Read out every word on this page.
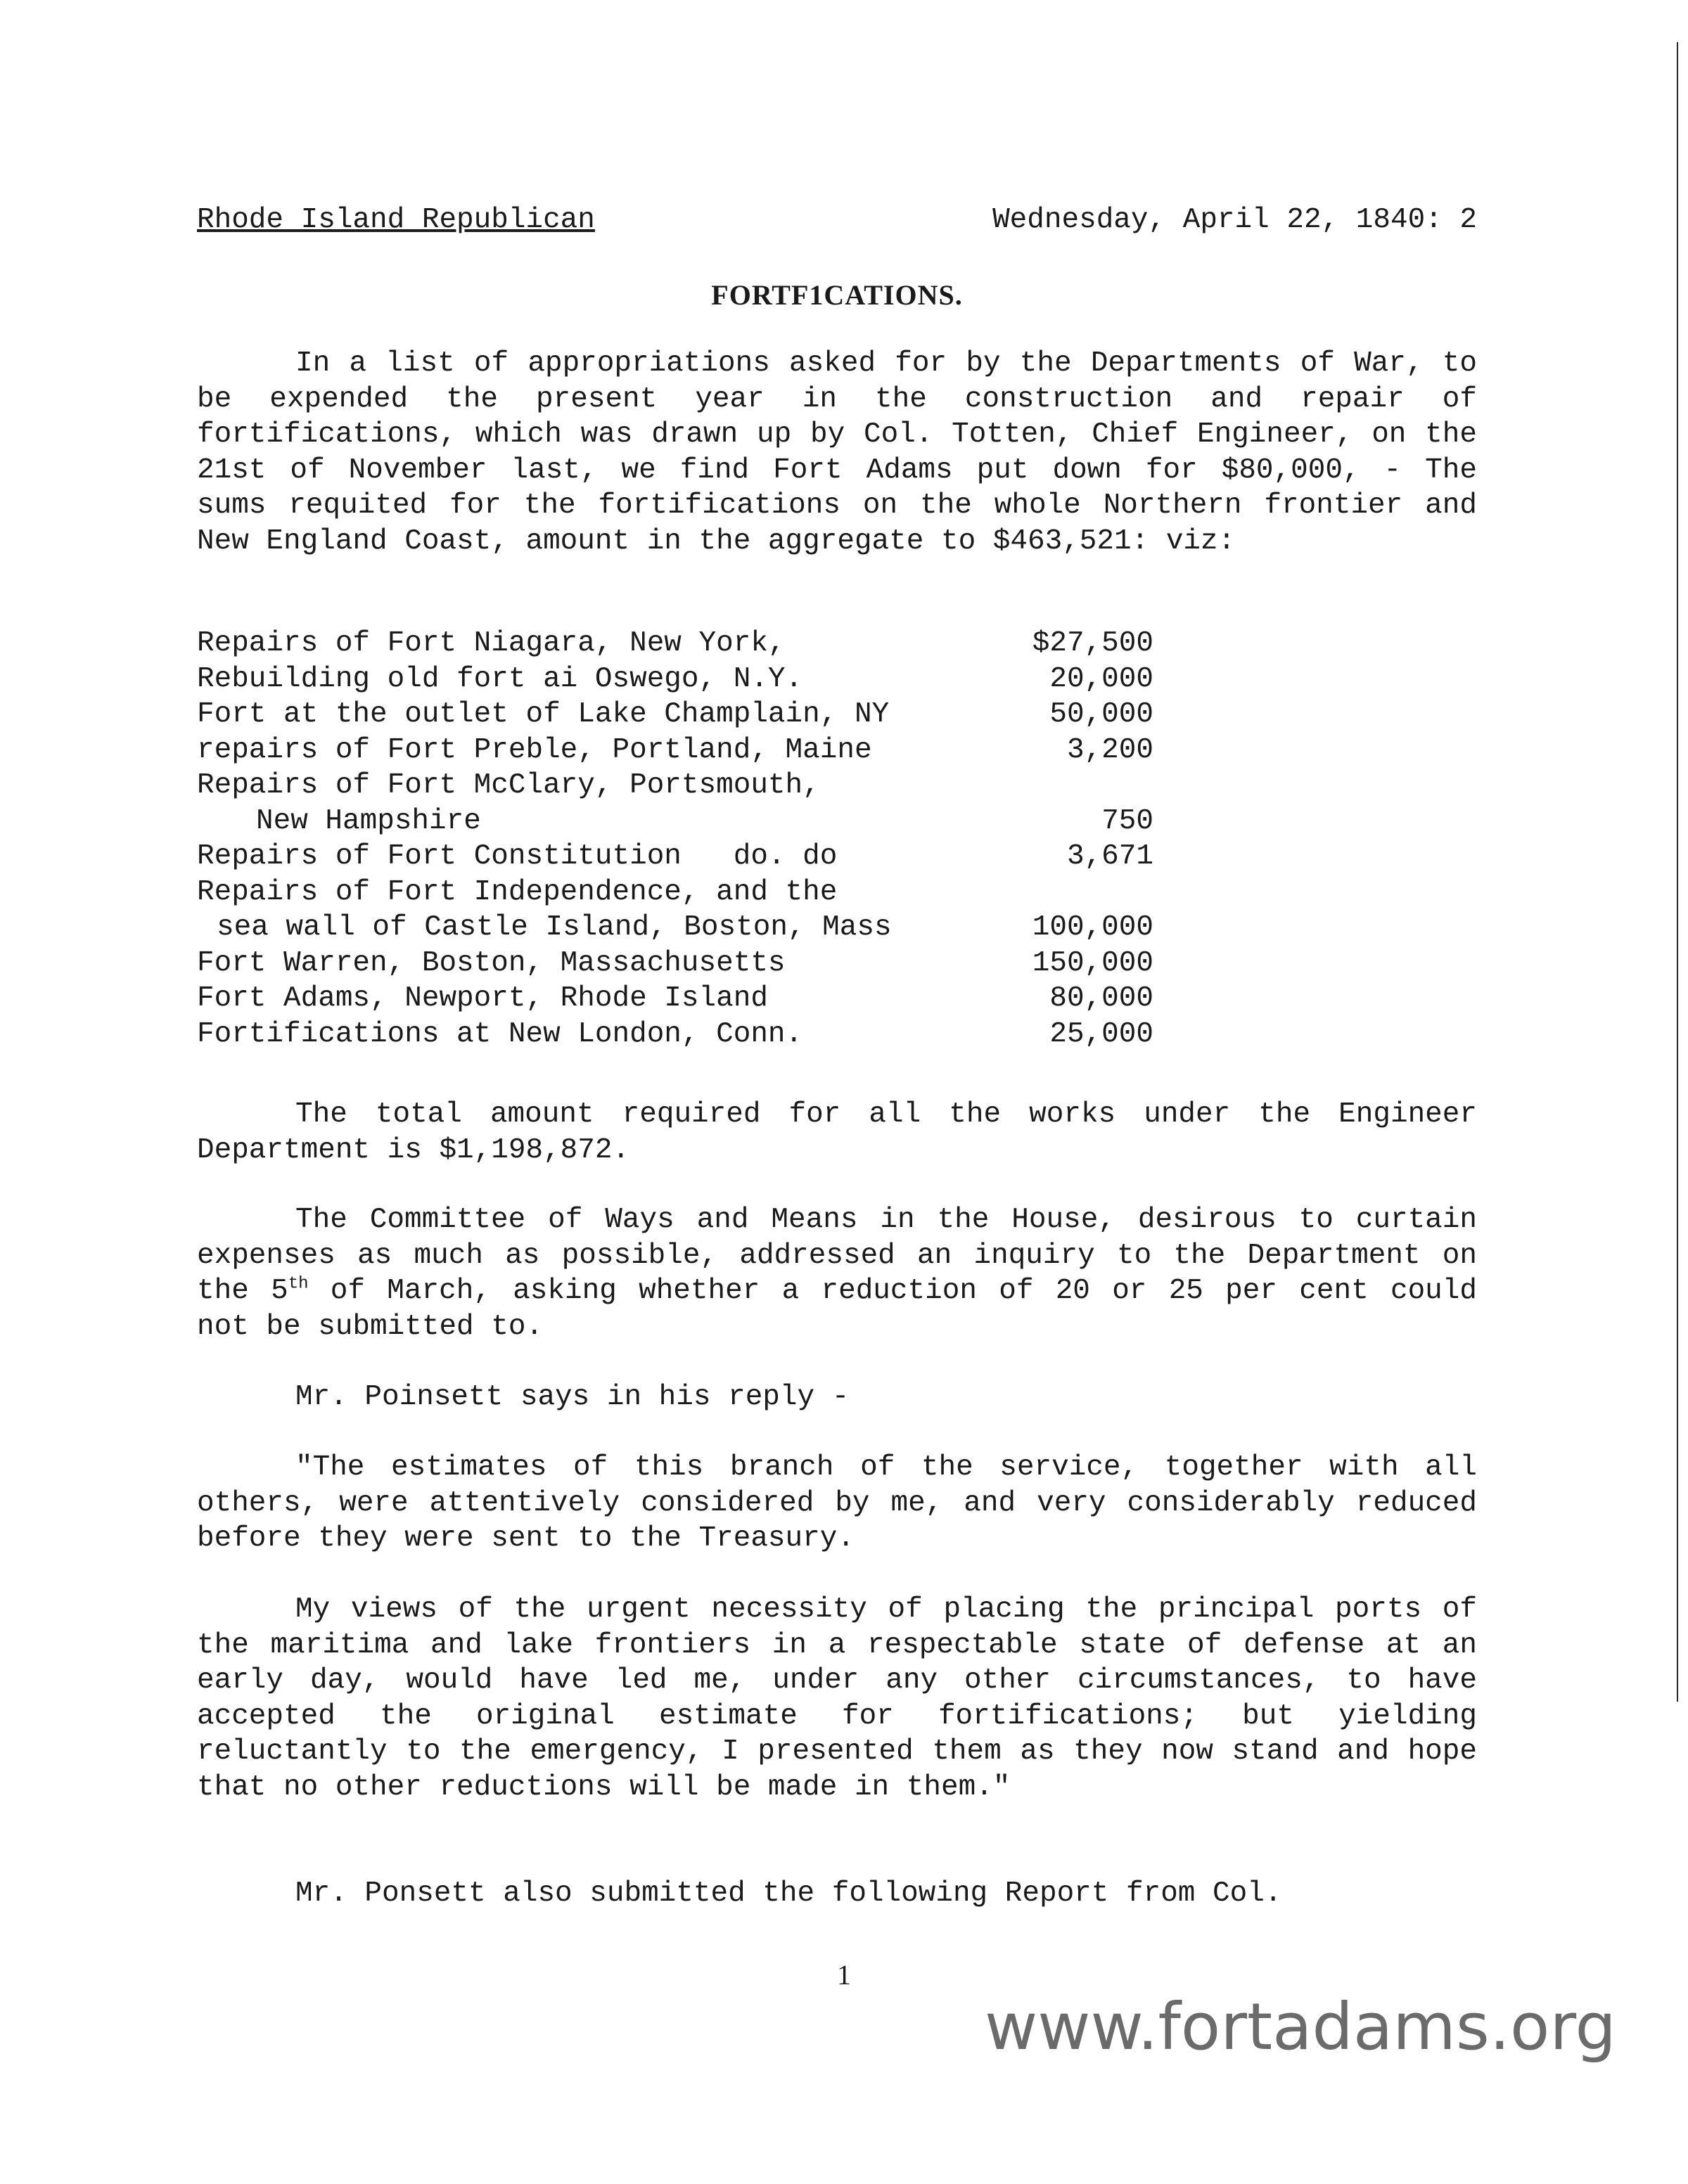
Rhode Island Republican	Wednesday, April 22, 1840: 2
FORTF1CATIONS.

In a list of appropriations asked for by the Departments of War, to be expended the present year in the construction and repair of fortifications, which was drawn up by Col. Totten, Chief Engineer, on the 21st of November last, we find Fort Adams put down for $80,000, - The sums requited for the fortifications on the whole Northern frontier and New England Coast, amount in the aggregate to $463,521: viz:

Repairs of Fort Niagara, New York,	$27,500
Rebuilding old fort ai Oswego, N.Y.	20,000
Fort at the outlet of Lake Champlain, NY	50,000
repairs of Fort Preble, Portland, Maine	3,200
Repairs of Fort McClary, Portsmouth,
New Hampshire	750
Repairs of Fort Constitution   do. do	3,671
Repairs of Fort Independence, and the
sea wall of Castle Island, Boston, Mass	100,000
Fort Warren, Boston, Massachusetts	150,000
Fort Adams, Newport, Rhode Island	80,000
Fortifications at New London, Conn.	25,000

The total amount required for all the works under the Engineer Department is $1,198,872.

The Committee of Ways and Means in the House, desirous to curtain expenses as much as possible, addressed an inquiry to the Department on the 5th of March, asking whether a reduction of 20 or 25 per cent could not be submitted to.

Mr. Poinsett says in his reply -

"The estimates of this branch of the service, together with all others, were attentively considered by me, and very considerably reduced before they were sent to the Treasury.

My views of the urgent necessity of placing the principal ports of the maritima and lake frontiers in a respectable state of defense at an early day, would have led me, under any other circumstances, to have accepted the original estimate for fortifications; but yielding reluctantly to the emergency, I presented them as they now stand and hope that no other reductions will be made in them."

Mr. Ponsett also submitted the following Report from Col.

1
www.fortadams.org
